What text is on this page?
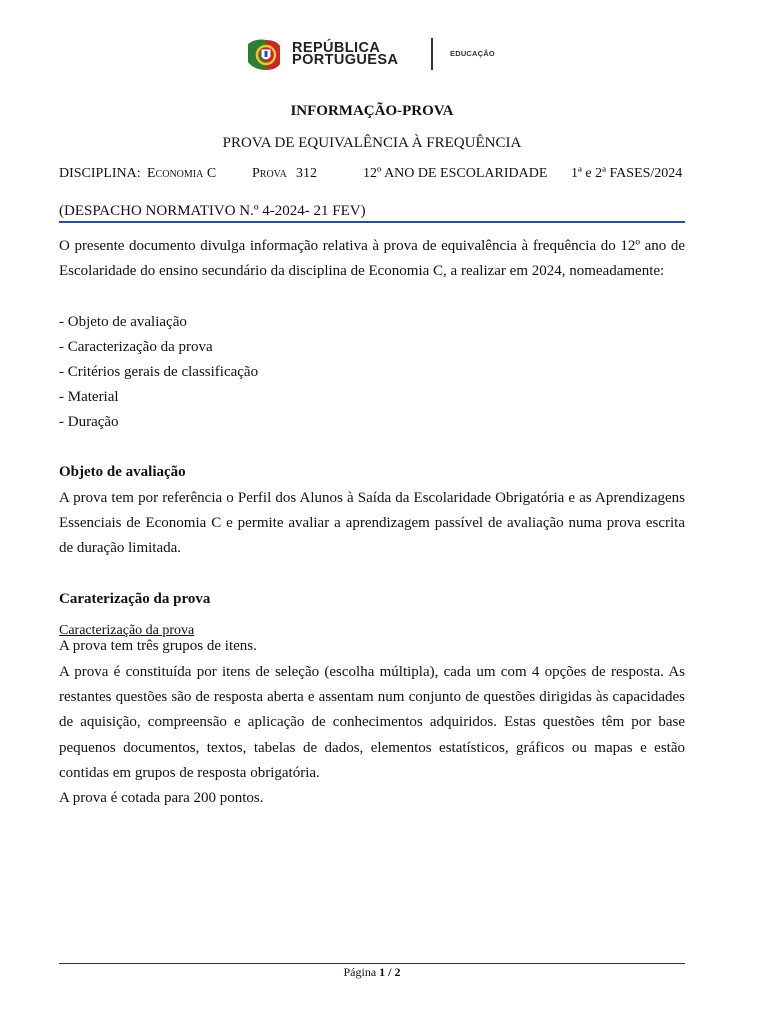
REPÚBLICA
PORTUGUESA	EDUCAÇÃO
INFORMAÇÃO-PROVA
PROVA DE EQUIVALÊNCIA À FREQUÊNCIA
DISCIPLINA: Economia C	Prova 312	12º ANO DE ESCOLARIDADE 1ª e 2ª FASES/2024
(DESPACHO NORMATIVO N.º 4-2024- 21 FEV)

O presente documento divulga informação relativa à prova de equivalência à frequência do 12º ano de Escolaridade do ensino secundário da disciplina de Economia C, a realizar em 2024, nomeadamente:

- Objeto de avaliação
- Caracterização da prova
- Critérios gerais de classificação
- Material
- Duração
Objeto de avaliação

A prova tem por referência o Perfil dos Alunos à Saída da Escolaridade Obrigatória e as Aprendizagens Essenciais de Economia C e permite avaliar a aprendizagem passível de avaliação numa prova escrita de duração limitada.

Caraterização da prova
Caracterização da prova
A prova tem três grupos de itens.

A prova é constituída por itens de seleção (escolha múltipla), cada um com 4 opções de resposta. As restantes questões são de resposta aberta e assentam num conjunto de questões dirigidas às capacidades de aquisição, compreensão e aplicação de conhecimentos adquiridos. Estas questões têm por base pequenos documentos, textos, tabelas de dados, elementos estatísticos, gráficos ou mapas e estão contidas em grupos de resposta obrigatória.

A prova é cotada para 200 pontos.
Página 1 / 2
